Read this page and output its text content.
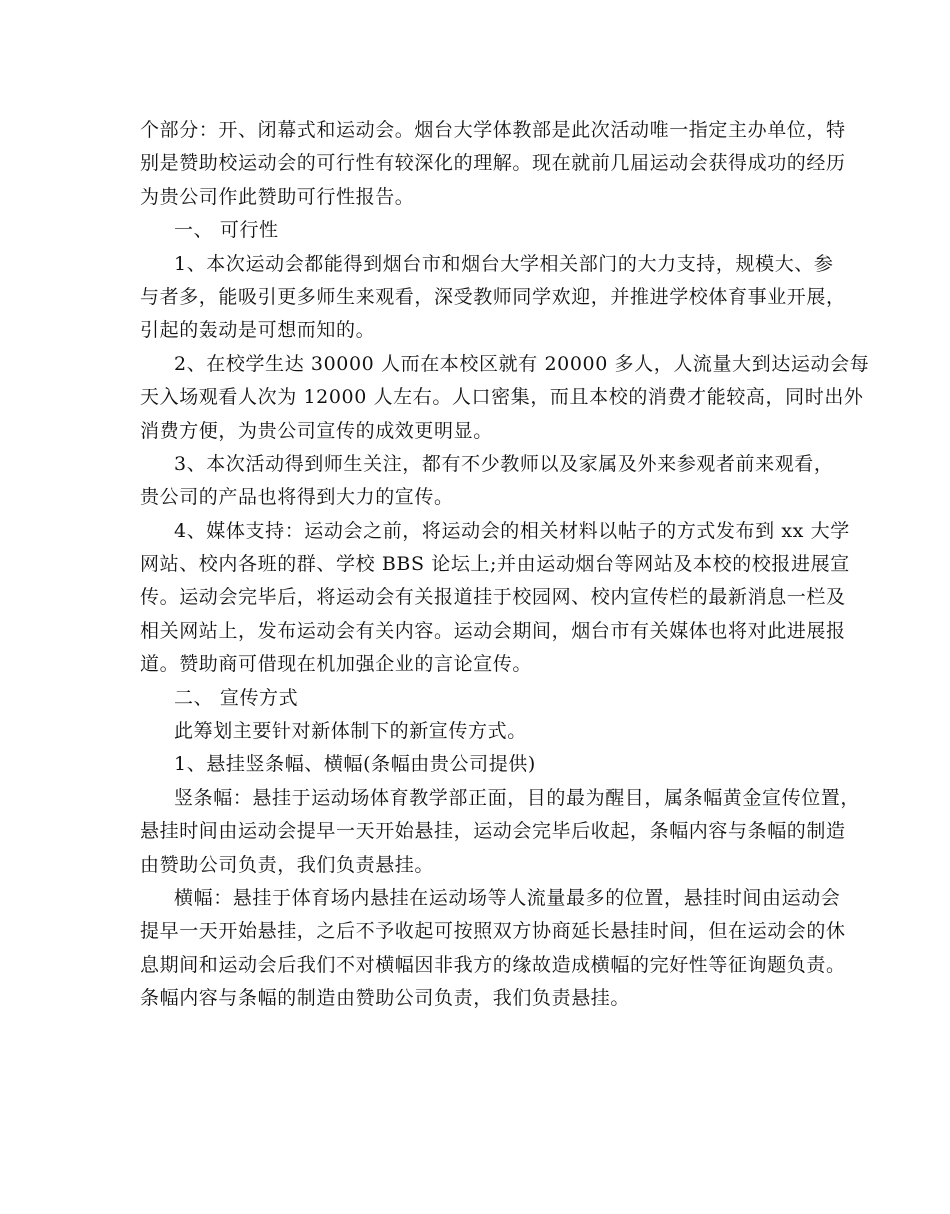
个部分：开、闭幕式和运动会。烟台大学体教部是此次活动唯一指定主办单位，特
别是赞助校运动会的可行性有较深化的理解。现在就前几届运动会获得成功的经历
为贵公司作此赞助可行性报告。
一、 可行性
1、本次运动会都能得到烟台市和烟台大学相关部门的大力支持，规模大、参
与者多，能吸引更多师生来观看，深受教师同学欢迎，并推进学校体育事业开展，
引起的轰动是可想而知的。
2、在校学生达 30000 人而在本校区就有 20000 多人，人流量大到达运动会每
天入场观看人次为 12000 人左右。人口密集，而且本校的消费才能较高，同时出外
消费方便，为贵公司宣传的成效更明显。
3、本次活动得到师生关注，都有不少教师以及家属及外来参观者前来观看，
贵公司的产品也将得到大力的宣传。
4、媒体支持：运动会之前，将运动会的相关材料以帖子的方式发布到 xx 大学
网站、校内各班的群、学校 BBS 论坛上;并由运动烟台等网站及本校的校报进展宣
传。运动会完毕后，将运动会有关报道挂于校园网、校内宣传栏的最新消息一栏及
相关网站上，发布运动会有关内容。运动会期间，烟台市有关媒体也将对此进展报
道。赞助商可借现在机加强企业的言论宣传。
二、 宣传方式
此筹划主要针对新体制下的新宣传方式。
1、悬挂竖条幅、横幅(条幅由贵公司提供)
竖条幅：悬挂于运动场体育教学部正面，目的最为醒目，属条幅黄金宣传位置，
悬挂时间由运动会提早一天开始悬挂，运动会完毕后收起，条幅内容与条幅的制造
由赞助公司负责，我们负责悬挂。
横幅：悬挂于体育场内悬挂在运动场等人流量最多的位置，悬挂时间由运动会
提早一天开始悬挂，之后不予收起可按照双方协商延长悬挂时间，但在运动会的休
息期间和运动会后我们不对横幅因非我方的缘故造成横幅的完好性等征询题负责。
条幅内容与条幅的制造由赞助公司负责，我们负责悬挂。
